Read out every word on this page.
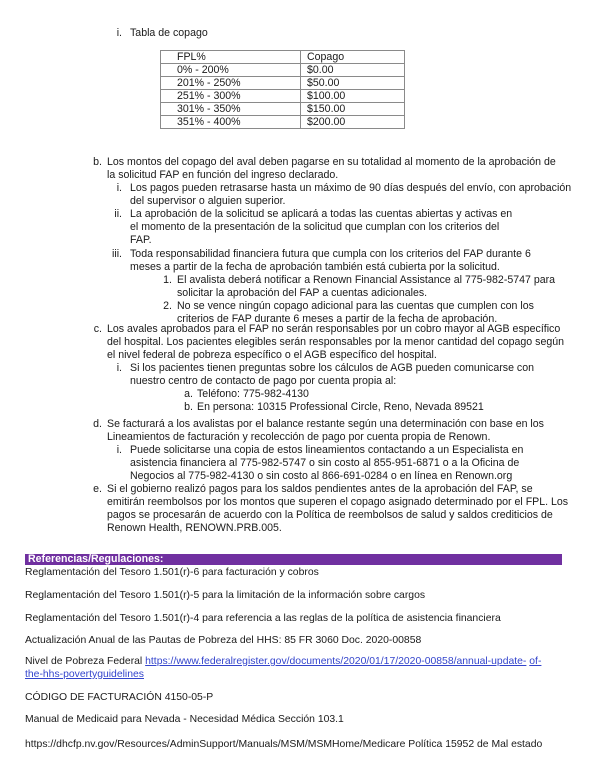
i. Tabla de copago
FPL%	Copago
0% - 200%	$0.00
201% - 250%	$50.00
251% - 300%	$100.00
301% - 350%	$150.00
351% - 400%	$200.00
b. Los montos del copago del aval deben pagarse en su totalidad al momento de la aprobación de
la solicitud FAP en función del ingreso declarado.
i. Los pagos pueden retrasarse hasta un máximo de 90 días después del envío, con aprobación
del supervisor o alguien superior.
ii. La aprobación de la solicitud se aplicará a todas las cuentas abiertas y activas en
el momento de la presentación de la solicitud que cumplan con los criterios del
FAP.
iii. Toda responsabilidad financiera futura que cumpla con los criterios del FAP durante 6
meses a partir de la fecha de aprobación también está cubierta por la solicitud.
1. El avalista deberá notificar a Renown Financial Assistance al 775-982-5747 para
solicitar la aprobación del FAP a cuentas adicionales.
2. No se vence ningún copago adicional para las cuentas que cumplen con los
criterios de FAP durante 6 meses a partir de la fecha de aprobación.
c. Los avales aprobados para el FAP no serán responsables por un cobro mayor al AGB específico
del hospital. Los pacientes elegibles serán responsables por la menor cantidad del copago según
el nivel federal de pobreza específico o el AGB específico del hospital.
i. Si los pacientes tienen preguntas sobre los cálculos de AGB pueden comunicarse con
nuestro centro de contacto de pago por cuenta propia al:
a. Teléfono: 775-982-4130
b. En persona: 10315 Professional Circle, Reno, Nevada 89521
d. Se facturará a los avalistas por el balance restante según una determinación con base en los
Lineamientos de facturación y recolección de pago por cuenta propia de Renown.
i. Puede solicitarse una copia de estos lineamientos contactando a un Especialista en
asistencia financiera al 775-982-5747 o sin costo al 855-951-6871 o a la Oficina de
Negocios al 775-982-4130 o sin costo al 866-691-0284 o en línea en Renown.org
e. Si el gobierno realizó pagos para los saldos pendientes antes de la aprobación del FAP, se
emitirán reembolsos por los montos que superen el copago asignado determinado por el FPL. Los
pagos se procesarán de acuerdo con la Política de reembolsos de salud y saldos crediticios de
Renown Health, RENOWN.PRB.005.
Referencias/Regulaciones:
Reglamentación del Tesoro 1.501(r)-6 para facturación y cobros
Reglamentación del Tesoro 1.501(r)-5 para la limitación de la información sobre cargos
Reglamentación del Tesoro 1.501(r)-4 para referencia a las reglas de la política de asistencia financiera
Actualización Anual de las Pautas de Pobreza del HHS: 85 FR 3060 Doc. 2020-00858
Nivel de Pobreza Federal https://www.federalregister.gov/documents/2020/01/17/2020-00858/annual-update- of-
the-hhs-povertyguidelines
CÓDIGO DE FACTURACIÓN 4150-05-P
Manual de Medicaid para Nevada - Necesidad Médica Sección 103.1
https://dhcfp.nv.gov/Resources/AdminSupport/Manuals/MSM/MSMHome/Medicare Política 15952 de Mal estado
